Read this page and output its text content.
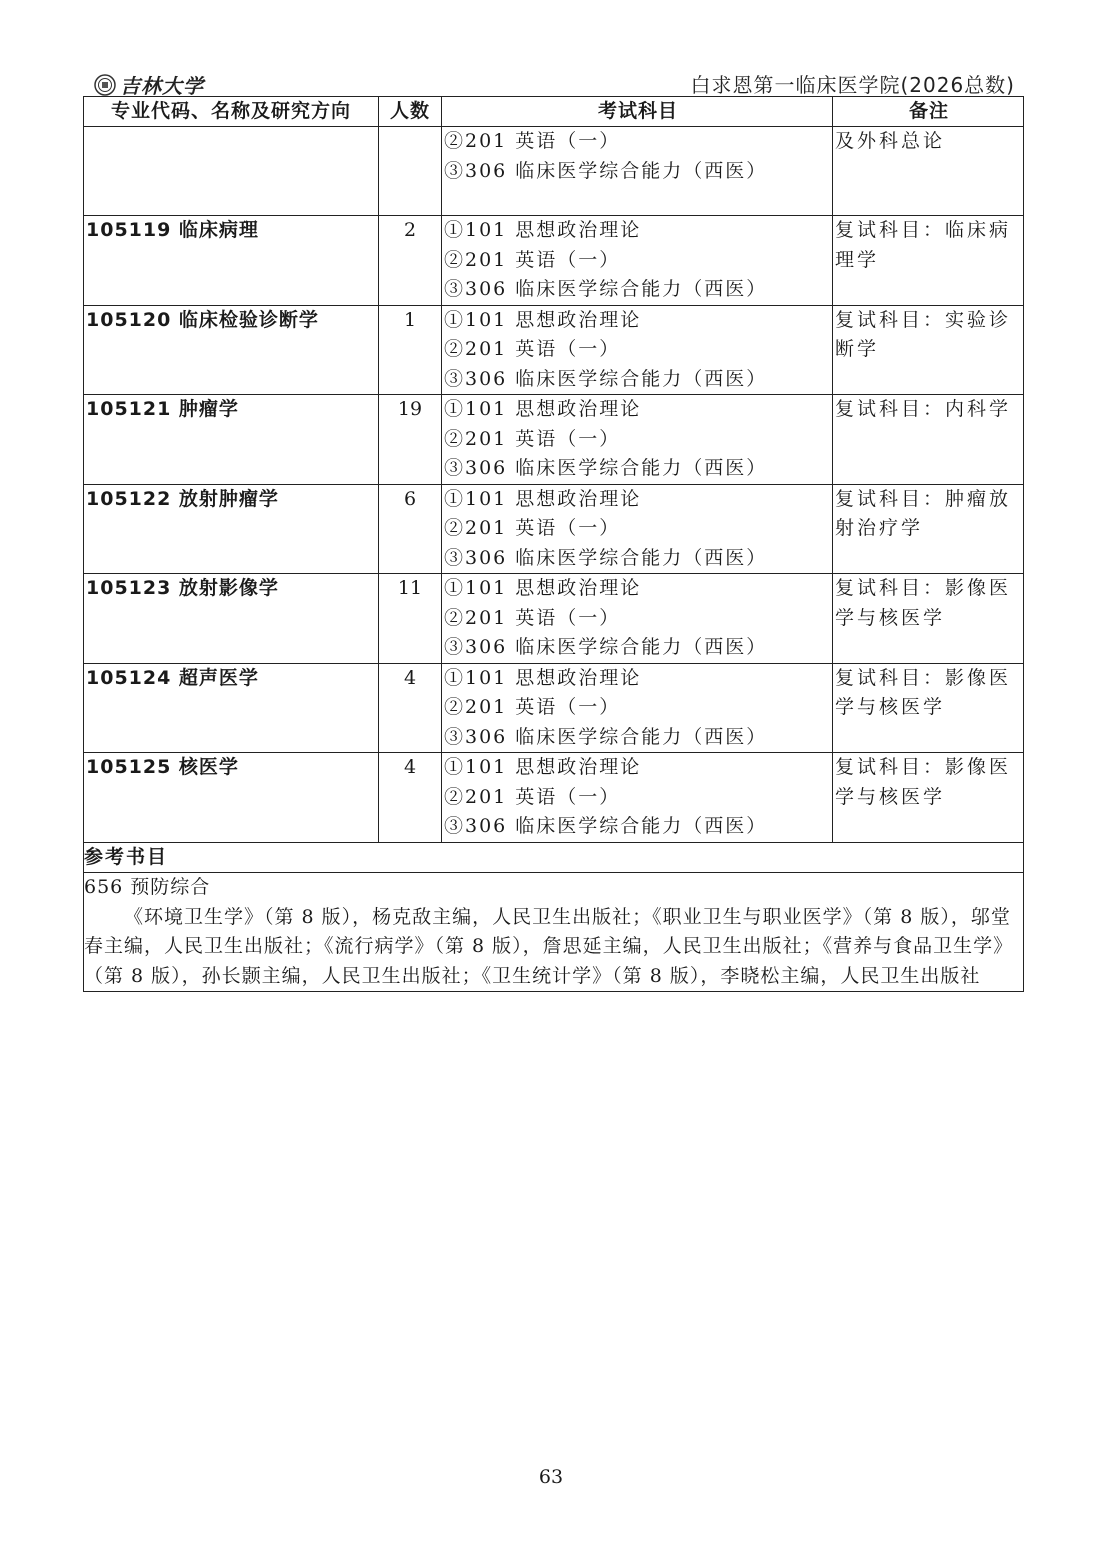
吉林大学	白求恩第一临床医学院(2026总数)
专业代码、名称及研究方向	人数	考试科目	备注

		②201 英语（一）
③306 临床医学综合能力（西医）	及外科总论
105119 临床病理	2	①101 思想政治理论
②201 英语（一）
③306 临床医学综合能力（西医）	复试科目：临床病理学
105120 临床检验诊断学	1	①101 思想政治理论
②201 英语（一）
③306 临床医学综合能力（西医）	复试科目：实验诊断学
105121 肿瘤学	19	①101 思想政治理论
②201 英语（一）
③306 临床医学综合能力（西医）	复试科目：内科学
105122 放射肿瘤学	6	①101 思想政治理论
②201 英语（一）
③306 临床医学综合能力（西医）	复试科目：肿瘤放射治疗学
105123 放射影像学	11	①101 思想政治理论
②201 英语（一）
③306 临床医学综合能力（西医）	复试科目：影像医学与核医学
105124 超声医学	4	①101 思想政治理论
②201 英语（一）
③306 临床医学综合能力（西医）	复试科目：影像医学与核医学
105125 核医学	4	①101 思想政治理论
②201 英语（一）
③306 临床医学综合能力（西医）	复试科目：影像医学与核医学
参考书目			

656 预防综合
《环境卫生学》（第 8 版），杨克敌主编，人民卫生出版社；《职业卫生与职业医学》（第 8 版），邬堂春主编，人民卫生出版社；《流行病学》（第 8 版），詹思延主编，人民卫生出版社；《营养与食品卫生学》（第 8 版），孙长颢主编，人民卫生出版社；《卫生统计学》（第 8 版），李晓松主编，人民卫生出版社			
63
